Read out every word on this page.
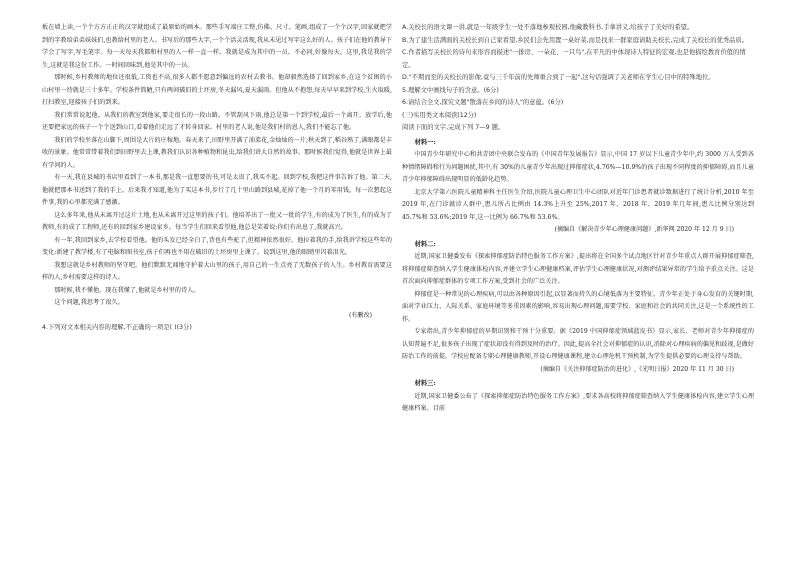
板在墙上读,一个个方方正正的汉字就组成了最原始的画本。那些手写端庄工整,仿佛、尺寸、笔画,组成了一个个汉字,回家就把学到的字教给弟弟妹妹们,也教给村里的老人。书写后的那些大字,一个个活灵活现,我从未见过写字这么好的人。孩子们在他的教导下学会了写字,写毛笔字。每一天每天我都和村里的人一样一直一样。我就是成为其中的一员。不必问,好像每天。这里,我是我的学生,这就是我这份工作。一时间回味到,他是其中的一员。

那时候,乡村教师的地位还很低,工资也不高,很多人都不愿意到偏远的农村去教书。他却毅然选择了回到家乡,在这个贫困的小山村里一待就是三十多年。学校条件简陋,只有两间破旧的土坯房,冬天漏风,夏天漏雨。但他从不抱怨,每天早早来到学校,生火取暖,打扫教室,迎接孩子们的到来。

我们常常说起他。从我们的教室到他家,要走很长的一段山路。不管刮风下雨,他总是第一个到学校,最后一个离开。放学后,他还要把家远的孩子一个个送到山口,看着他们走远了才转身回家。村里的老人说,他是我们村的恩人,我们不能忘了他。

我们的学校坐落在山脚下,周围是大片的庄稼地。春天来了,田野里开满了油菜花,金灿灿的一片;秋天到了,稻谷熟了,满眼都是丰收的景象。他常常带着我们到田野里去上课,教我们认识各种植物和昆虫,给我们讲大自然的故事。那时候我们觉得,他就是世界上最有学问的人。

有一天,我在县城的书店里看到了一本书,那是我一直想要的书,可是太贵了,我买不起。回到学校,我把这件事告诉了他。第二天,他就把那本书送到了我的手上。后来我才知道,他为了买这本书,步行了几十里山路到县城,花掉了他一个月的零用钱。每一次想起这件事,我的心里都充满了感激。

这么多年来,他从未离开过这片土地,也从未离开过这里的孩子们。他培养出了一批又一批的学生,有的成为了医生,有的成为了教师,有的成了工程师,还有的回到家乡建设家乡。每当学生们回来看望他,他总是笑着说:你们有出息了,我就高兴。

有一年,我回到家乡,去学校看望他。他的头发已经全白了,背也有些驼了,但精神依然很好。他拉着我的手,给我讲学校这些年的变化:新建了教学楼,有了电脑和图书室,孩子们再也不用在破旧的土坯房里上课了。说到这里,他的眼睛里闪着泪光。

我想这就是乡村教师的坚守吧。他们默默无闻地守护着大山里的孩子,用自己的一生点亮了无数孩子的人生。乡村教育需要这样的人,乡村需要这样的诗人。

那时候,我不懂他。现在我懂了,他就是乡村里的诗人。

这个问题,我思考了很久。

(有删改)

4.下列对文本相关内容的理解,不正确的一项是( )(3分)

A.关校长的语文课一讲,就是一年级学生一处不落地参观校园,他藏教科书,手拿讲义,给孩子了美好的希望。

B.为了建生活满面的关校长到自己家看望,乡民们会先用置一桌好菜,而是找来一群家庭请助关校长,完成了关校长的优秀品质。

C.作者描写关校长的诗句来形容而描述"一排房、一朵花、一只鸟",在平凡的中体现诗人特征的宏观,也是他描绘教育价值的情定。

D."不期而至的关校长的影像,竟与三千年前的先师重合到了一起",这句话强调了关老师在学生心目中的特殊地位。

5.理解文中画线句子的含意。(6分)

6.请结合全文,探究文题"散落在乡间的诗人"的意蕴。(6分)

(三)实用类文本阅读(12分)

阅读下面的文字,完成下列 7—9 题。

材料一:

中国青少年研究中心和共青团中央联合发布的《中国青年发展报告》显示,中国 17 岁以下儿童青少年中,约 3000 万人受到各种情绪障碍和行为问题困扰,其中,有 30%的儿童青少年出现过抑郁症状,4.76%—10.9%的孩子出现不同程度的抑郁障碍,而且儿童青少年抑郁障碍出现明显的低龄化趋势。

北京大学第六医院儿童精神科主任医生介绍,医院儿童心理卫生中心团队对近年门诊患者就诊数据进行了统计分析,2010 年至 2019 年,在门诊就诊人群中,患儿所占比例由 14.3%上升至 25%,2017 年、2018 年、2019 年几年间,患儿比例分别达到 45.7%和 53.6%;2019 年,这一比例为 66.7%和 53.6%。

(摘编自《解决青少年心理健康问题》,新华网 2020 年 12 月 9 日)

材料二:

近期,国家卫健委发布《探索抑郁症防治特色服务工作方案》,提出将在全国多个试点地区针对青少年重点人群开展抑郁症筛查,将抑郁症筛查纳入学生健康体检内容,并建立学生心理健康档案,评估学生心理健康状况,对测评结果异常的学生给予重点关注。这是首次面向抑郁症群体的专项工作方案,受到社会的广泛关注。

抑郁症是一种常见的心理疾病,可以由各种原因引起,以显著而持久的心境低落为主要特征。青少年正处于身心发育的关键时期,面对学业压力、人际关系、家庭环境等多重因素的影响,容易出现心理问题,需要学校、家庭和社会的共同关注,这是一个系统性的工作。

专家指出,青少年抑郁症的早期识别和干预十分重要。据《2019 中国抑郁症领域蓝皮书》显示,家长、老师对青少年抑郁症的认知普遍不足,很多孩子出现了症状却没有得到及时的治疗。因此,提高全社会对抑郁症的认识,消除对心理疾病的偏见和歧视,是做好防治工作的前提。学校应配备专职心理健康教师,开设心理健康课程,建立心理危机干预机制,为学生提供必要的心理支持与帮助。

(摘编自《关注抑郁症防治的进化》,《光明日报》2020 年 11 月 30 日)

材料三:

近期,国家卫健委公布了《探索抑郁症防治特色服务工作方案》,要求各高校将抑郁症筛查纳入学生健康体检内容,建立学生心理健康档案。目前
